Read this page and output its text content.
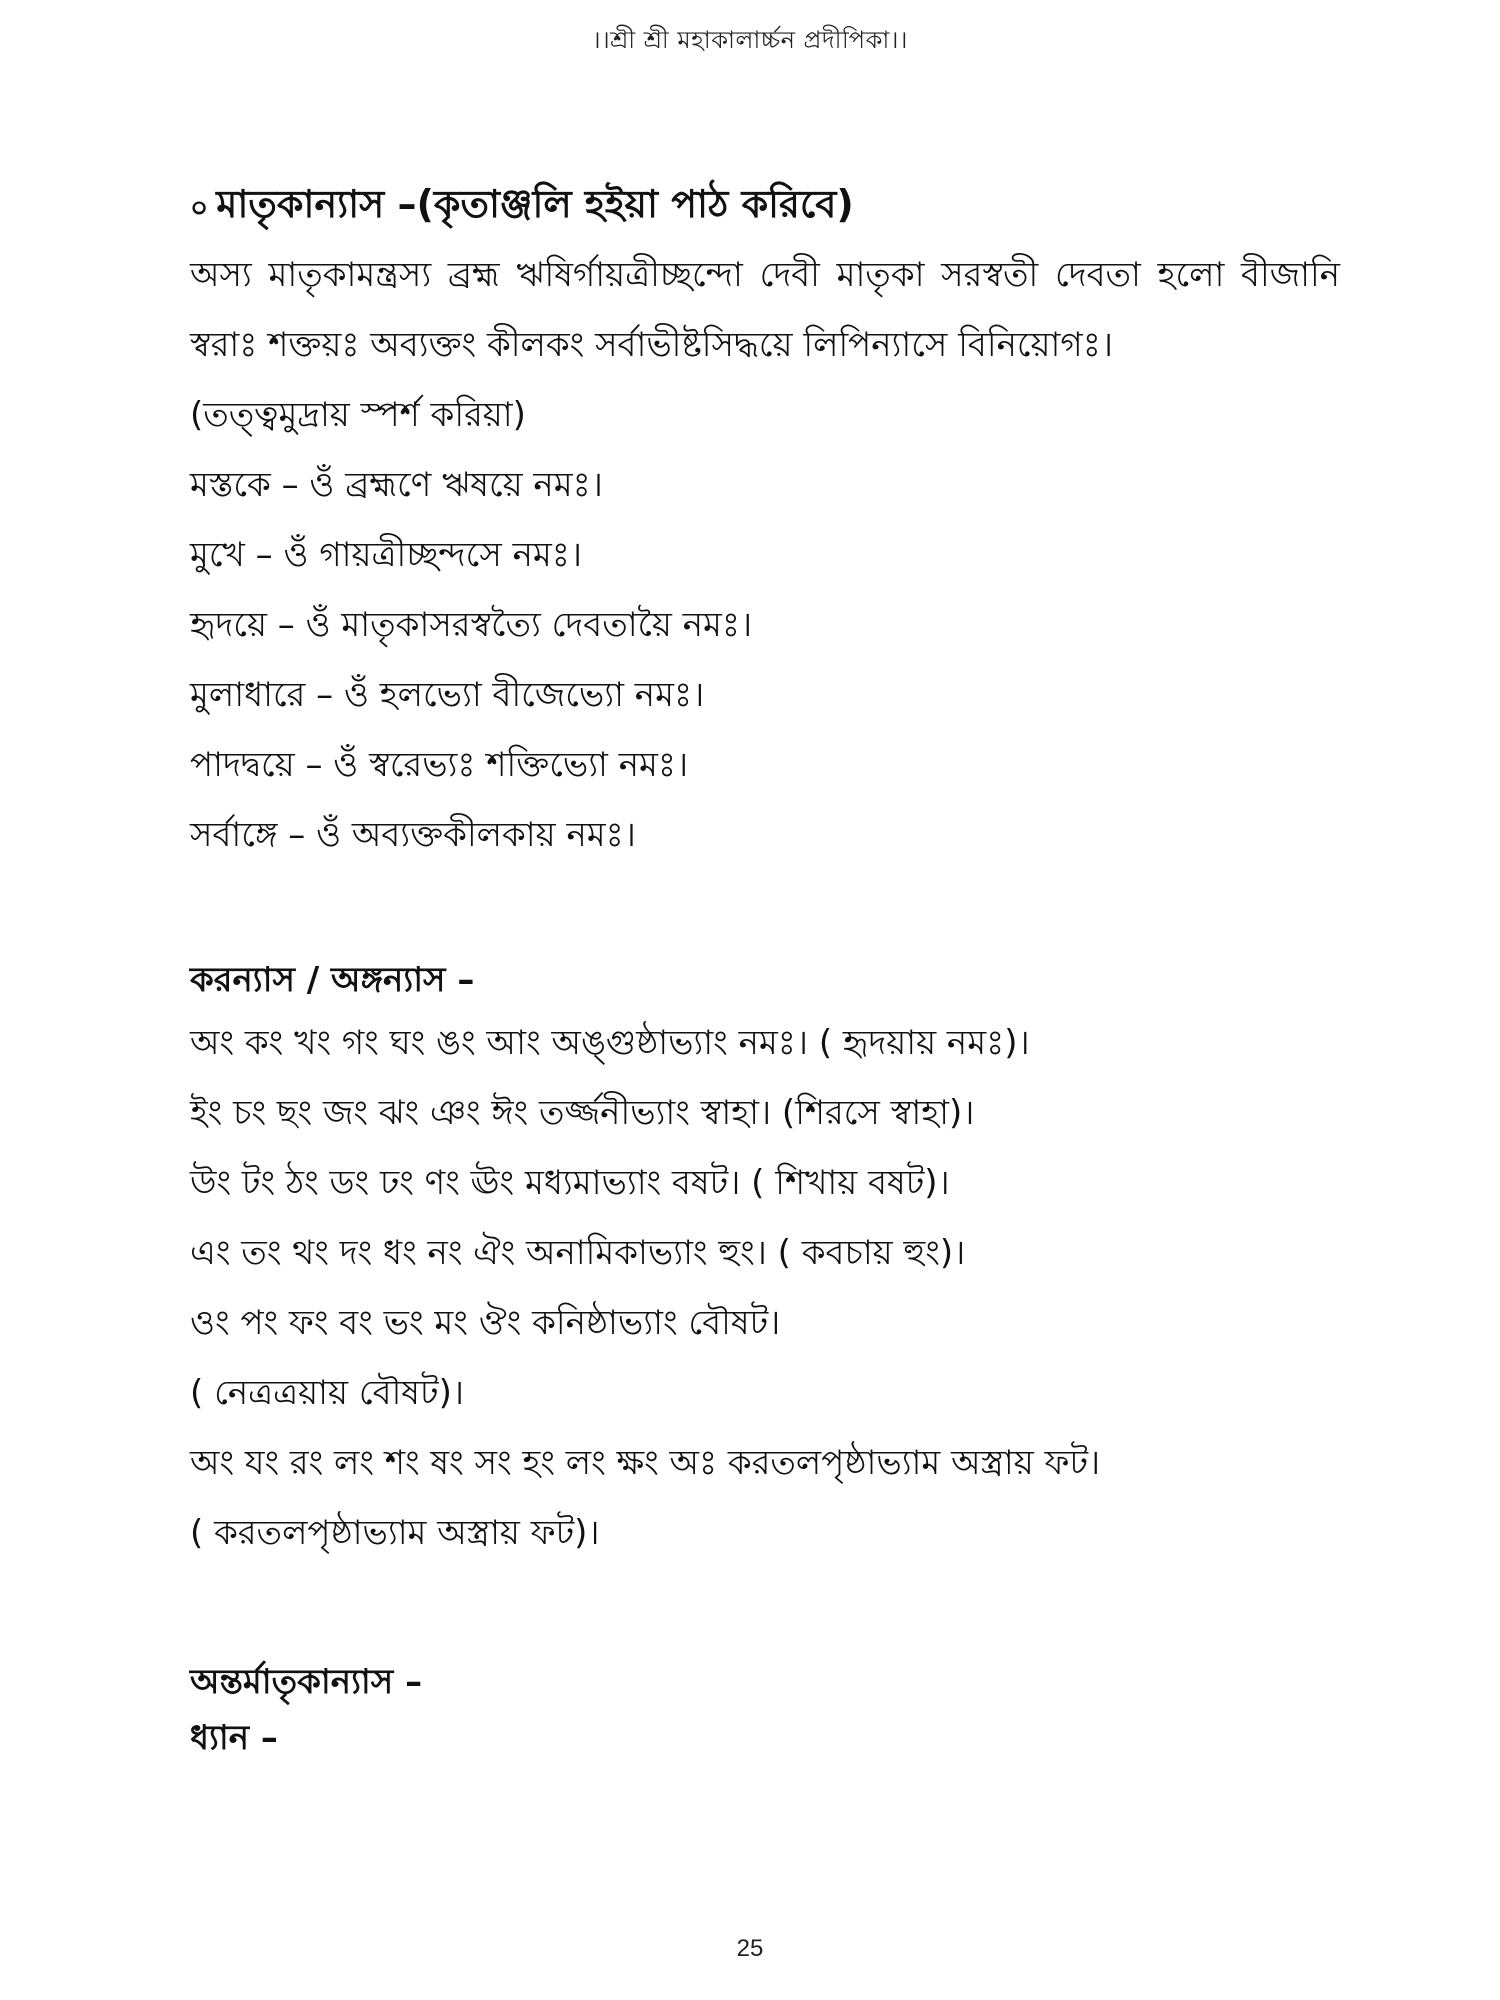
।।শ্রী শ্রী মহাকালার্চ্চন প্রদীপিকা।।
০ মাতৃকান্যাস –(কৃতাঞ্জলি হইয়া পাঠ করিবে)

অস্য মাতৃকামন্ত্রস্য ব্রহ্ম ঋষির্গায়ত্রীচ্ছন্দো দেবী মাতৃকা সরস্বতী দেবতা হলো বীজানি স্বরাঃ শক্তয়ঃ অব্যক্তং কীলকং সর্বাভীষ্টসিদ্ধয়ে লিপিন্যাসে বিনিয়োগঃ।

(তত্ত্বমুদ্রায় স্পর্শ করিয়া)

মস্তকে – ওঁ ব্রহ্মণে ঋষয়ে নমঃ।

মুখে – ওঁ গায়ত্রীচ্ছন্দসে নমঃ।

হৃদয়ে – ওঁ মাতৃকাসরস্বত্যৈ দেবতায়ৈ নমঃ।

মুলাধারে – ওঁ হলভ্যো বীজেভ্যো নমঃ।

পাদদ্বয়ে – ওঁ স্বরেভ্যঃ শক্তিভ্যো নমঃ।

সর্বাঙ্গে – ওঁ অব্যক্তকীলকায় নমঃ।

করন্যাস / অঙ্গন্যাস –

অং কং খং গং ঘং ঙং আং অঙ্গুষ্ঠাভ্যাং নমঃ। ( হৃদয়ায় নমঃ)।

ইং চং ছং জং ঝং ঞং ঈং তর্জ্জনীভ্যাং স্বাহা। (শিরসে স্বাহা)।

উং টং ঠং ডং ঢং ণং ঊং মধ্যমাভ্যাং বষট। ( শিখায় বষট)।

এং তং থং দং ধং নং ঐং অনামিকাভ্যাং হুং। ( কবচায় হুং)।

ওং পং ফং বং ভং মং ঔং কনিষ্ঠাভ্যাং বৌষট।

( নেত্রত্রয়ায় বৌষট)।

অং যং রং লং শং ষং সং হং লং ক্ষং অঃ করতলপৃষ্ঠাভ্যাম অস্ত্রায় ফট।

( করতলপৃষ্ঠাভ্যাম অস্ত্রায় ফট)।

অন্তর্মাতৃকান্যাস –

ধ্যান –

25
